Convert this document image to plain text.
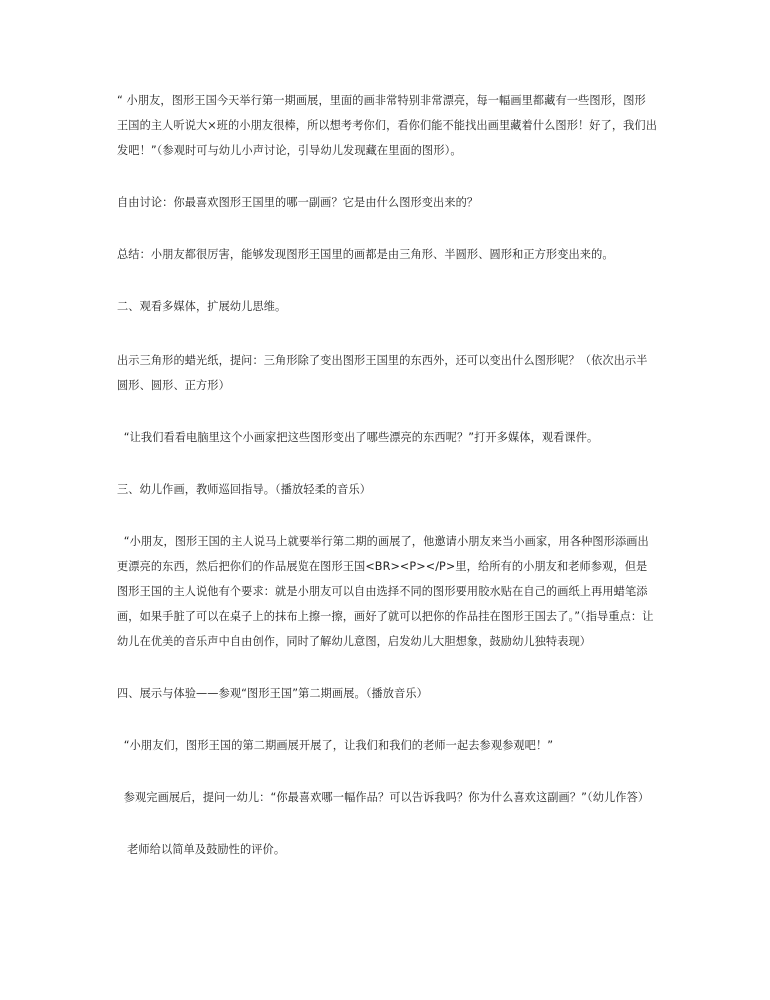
“ 小朋友，图形王国今天举行第一期画展，里面的画非常特别非常漂亮，每一幅画里都藏有一些图形，图形王国的主人听说大×班的小朋友很棒，所以想考考你们，看你们能不能找出画里藏着什么图形！好了，我们出发吧！”（参观时可与幼儿小声讨论，引导幼儿发现藏在里面的图形）。

自由讨论：你最喜欢图形王国里的哪一副画？它是由什么图形变出来的？

总结：小朋友都很厉害，能够发现图形王国里的画都是由三角形、半圆形、圆形和正方形变出来的。

二、观看多媒体，扩展幼儿思维。

出示三角形的蜡光纸，提问：三角形除了变出图形王国里的东西外，还可以变出什么图形呢？（依次出示半圆形、圆形、正方形）

“让我们看看电脑里这个小画家把这些图形变出了哪些漂亮的东西呢？”打开多媒体，观看课件。

三、幼儿作画，教师巡回指导。（播放轻柔的音乐）

“小朋友，图形王国的主人说马上就要举行第二期的画展了，他邀请小朋友来当小画家，用各种图形添画出更漂亮的东西，然后把你们的作品展览在图形王国<BR><P></P>里，给所有的小朋友和老师参观，但是图形王国的主人说他有个要求：就是小朋友可以自由选择不同的图形要用胶水贴在自己的画纸上再用蜡笔添画，如果手脏了可以在桌子上的抹布上擦一擦，画好了就可以把你的作品挂在图形王国去了。”（指导重点：让幼儿在优美的音乐声中自由创作，同时了解幼儿意图，启发幼儿大胆想象，鼓励幼儿独特表现）

四、展示与体验——参观“图形王国”第二期画展。（播放音乐）

“小朋友们，图形王国的第二期画展开展了，让我们和我们的老师一起去参观参观吧！”

参观完画展后，提问一幼儿：“你最喜欢哪一幅作品？可以告诉我吗？你为什么喜欢这副画？”（幼儿作答）

老师给以简单及鼓励性的评价。
